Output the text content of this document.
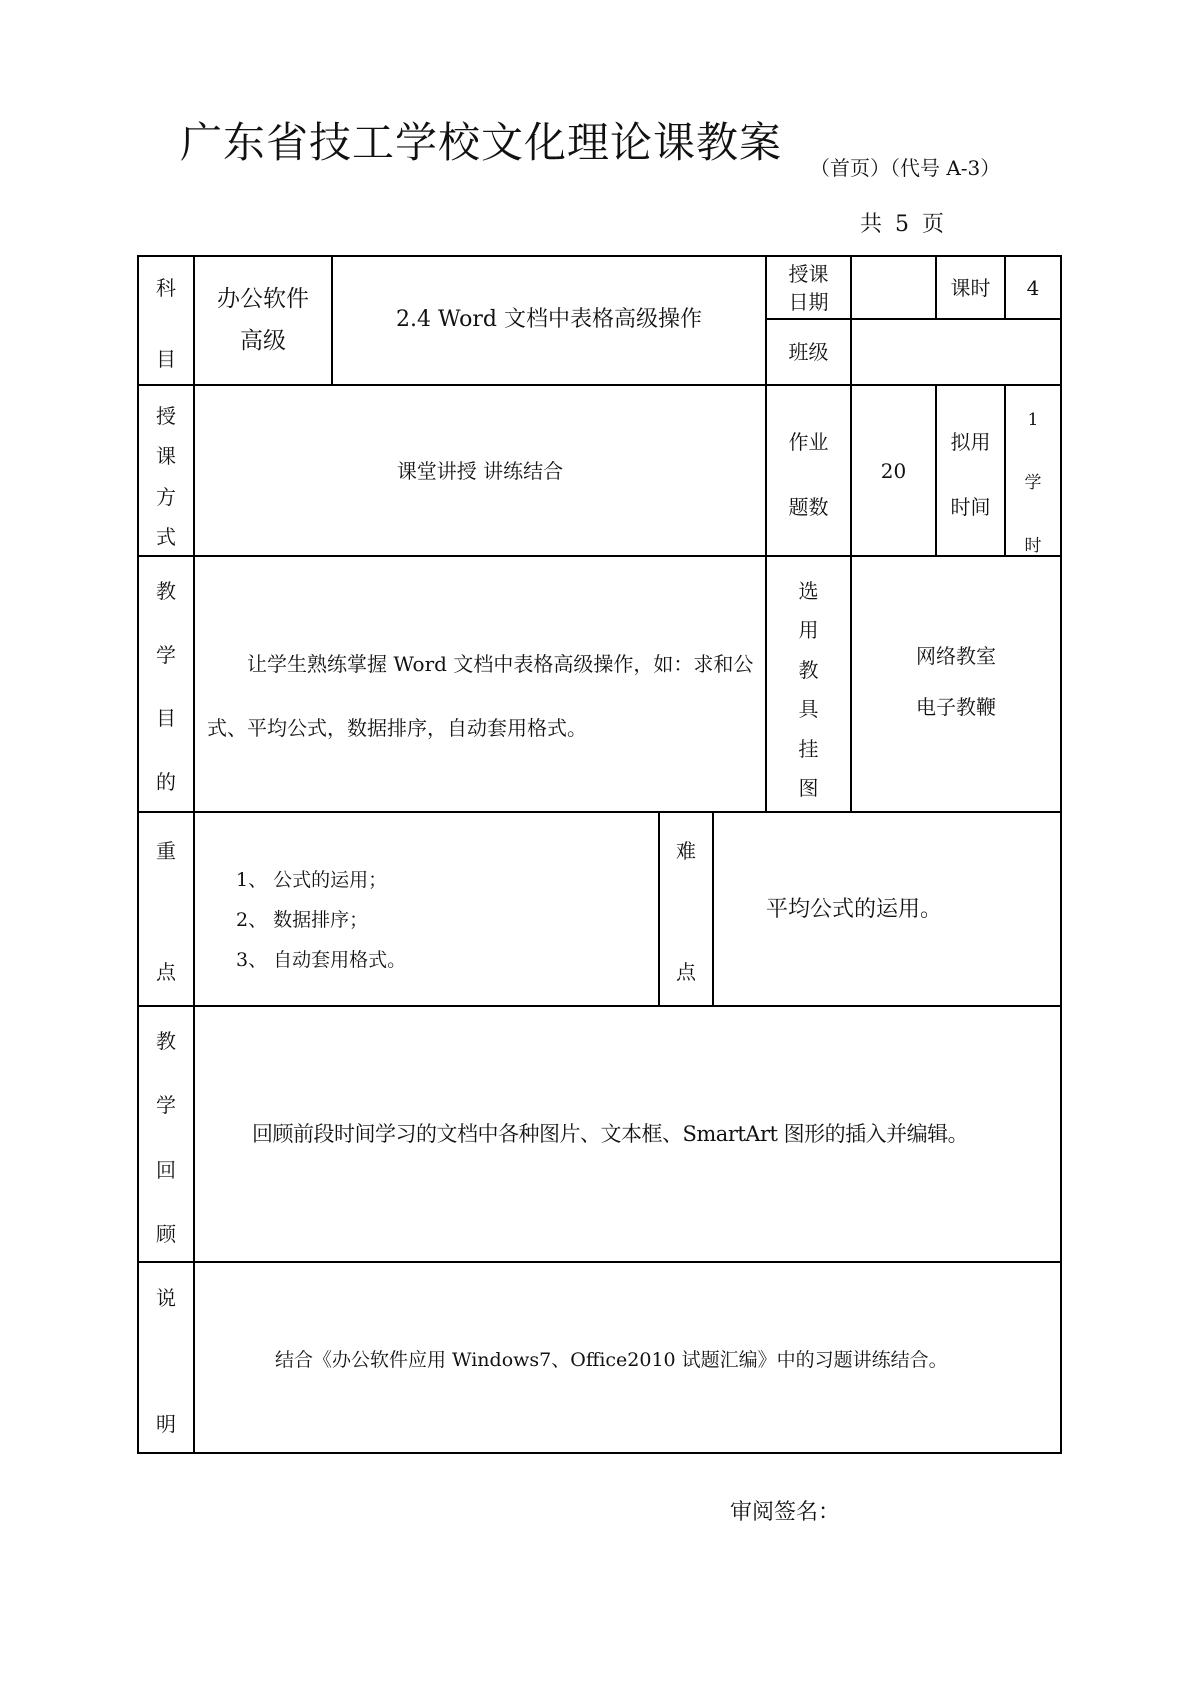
广东省技工学校文化理论课教案
（首页）（代号 A-3）
共 5 页
科
目
办公软件
高级
2.4 Word 文档中表格高级操作
授课
日期
课时	4
班级
授
课
方
式
课堂讲授 讲练结合
作业
题数
20
拟用
时间
1
学
时
教
学
目
的
让学生熟练掌握 Word 文档中表格高级操作，如：求和公式、平均公式，数据排序，自动套用格式。
选
用
教
具
挂
图
网络教室
电子教鞭
重
点
1、 公式的运用；
2、 数据排序；
3、 自动套用格式。
难
点
平均公式的运用。
教
学
回
顾
回顾前段时间学习的文档中各种图片、文本框、SmartArt 图形的插入并编辑。
说
明
结合《办公软件应用 Windows7、Office2010 试题汇编》中的习题讲练结合。
审阅签名：
